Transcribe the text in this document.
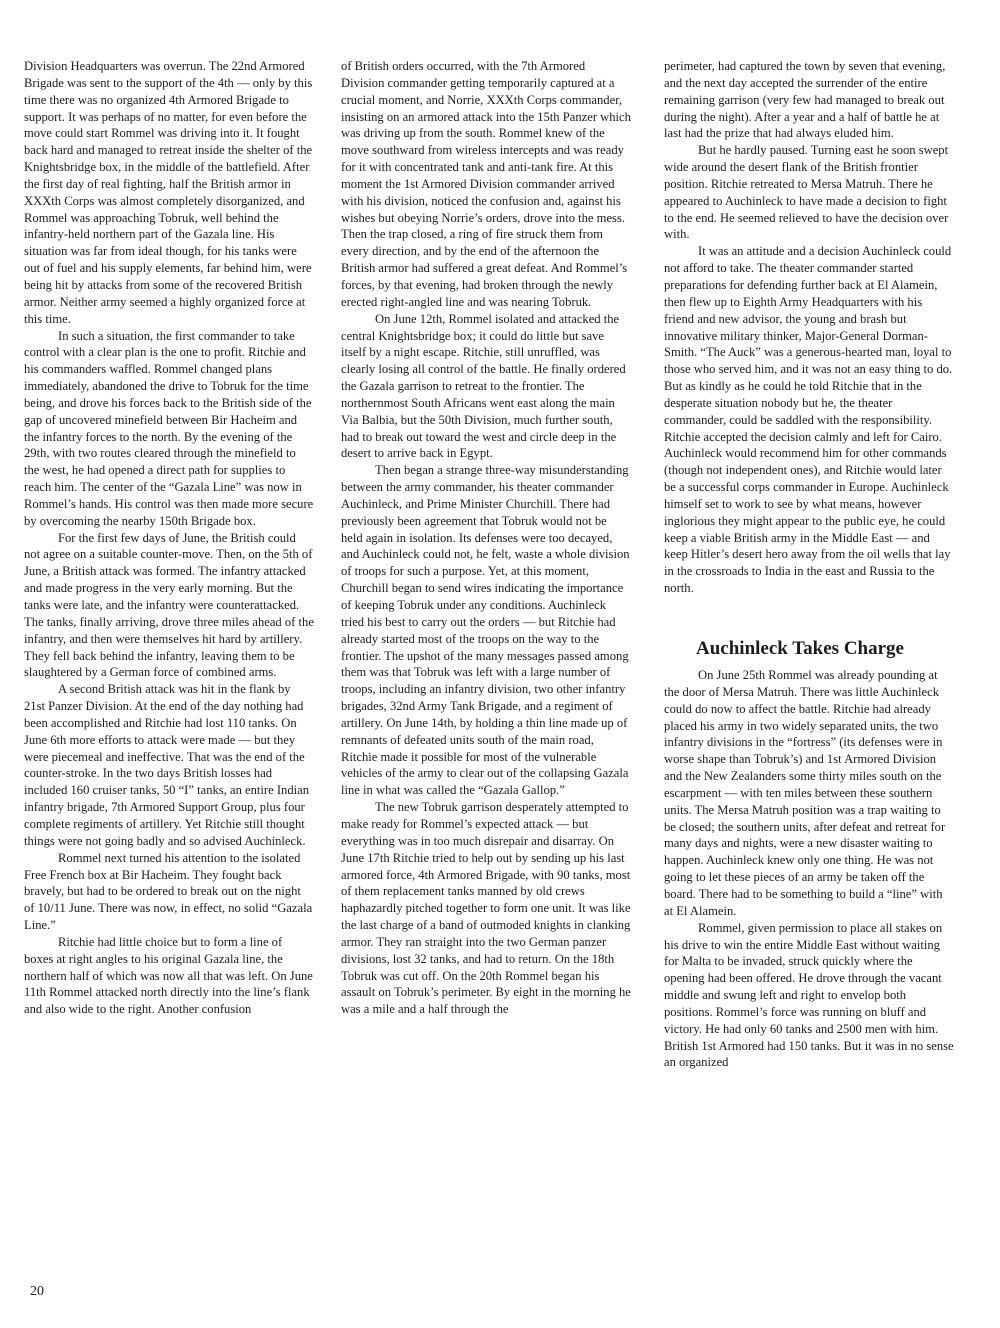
Division Headquarters was overrun. The 22nd Armored Brigade was sent to the support of the 4th — only by this time there was no organized 4th Armored Brigade to support. It was perhaps of no matter, for even before the move could start Rommel was driving into it. It fought back hard and managed to retreat inside the shelter of the Knightsbridge box, in the middle of the battlefield. After the first day of real fighting, half the British armor in XXXth Corps was almost completely disorganized, and Rommel was approaching Tobruk, well behind the infantry-held northern part of the Gazala line. His situation was far from ideal though, for his tanks were out of fuel and his supply elements, far behind him, were being hit by attacks from some of the recovered British armor. Neither army seemed a highly organized force at this time.

In such a situation, the first commander to take control with a clear plan is the one to profit. Ritchie and his commanders waffled. Rommel changed plans immediately, abandoned the drive to Tobruk for the time being, and drove his forces back to the British side of the gap of uncovered minefield between Bir Hacheim and the infantry forces to the north. By the evening of the 29th, with two routes cleared through the minefield to the west, he had opened a direct path for supplies to reach him. The center of the “Gazala Line” was now in Rommel’s hands. His control was then made more secure by overcoming the nearby 150th Brigade box.

For the first few days of June, the British could not agree on a suitable counter-move. Then, on the 5th of June, a British attack was formed. The infantry attacked and made progress in the very early morning. But the tanks were late, and the infantry were counterattacked. The tanks, finally arriving, drove three miles ahead of the infantry, and then were themselves hit hard by artillery. They fell back behind the infantry, leaving them to be slaughtered by a German force of combined arms.

A second British attack was hit in the flank by 21st Panzer Division. At the end of the day nothing had been accomplished and Ritchie had lost 110 tanks. On June 6th more efforts to attack were made — but they were piecemeal and ineffective. That was the end of the counter-stroke. In the two days British losses had included 160 cruiser tanks, 50 “I” tanks, an entire Indian infantry brigade, 7th Armored Support Group, plus four complete regiments of artillery. Yet Ritchie still thought things were not going badly and so advised Auchinleck.

Rommel next turned his attention to the isolated Free French box at Bir Hacheim. They fought back bravely, but had to be ordered to break out on the night of 10/11 June. There was now, in effect, no solid “Gazala Line.”

Ritchie had little choice but to form a line of boxes at right angles to his original Gazala line, the northern half of which was now all that was left. On June 11th Rommel attacked north directly into the line’s flank and also wide to the right. Another confusion

of British orders occurred, with the 7th Armored Division commander getting temporarily captured at a crucial moment, and Norrie, XXXth Corps commander, insisting on an armored attack into the 15th Panzer which was driving up from the south. Rommel knew of the move southward from wireless intercepts and was ready for it with concentrated tank and anti-tank fire. At this moment the 1st Armored Division commander arrived with his division, noticed the confusion and, against his wishes but obeying Norrie’s orders, drove into the mess. Then the trap closed, a ring of fire struck them from every direction, and by the end of the afternoon the British armor had suffered a great defeat. And Rommel’s forces, by that evening, had broken through the newly erected right-angled line and was nearing Tobruk.

On June 12th, Rommel isolated and attacked the central Knightsbridge box; it could do little but save itself by a night escape. Ritchie, still unruffled, was clearly losing all control of the battle. He finally ordered the Gazala garrison to retreat to the frontier. The northernmost South Africans went east along the main Via Balbia, but the 50th Division, much further south, had to break out toward the west and circle deep in the desert to arrive back in Egypt.

Then began a strange three-way misunderstanding between the army commander, his theater commander Auchinleck, and Prime Minister Churchill. There had previously been agreement that Tobruk would not be held again in isolation. Its defenses were too decayed, and Auchinleck could not, he felt, waste a whole division of troops for such a purpose. Yet, at this moment, Churchill began to send wires indicating the importance of keeping Tobruk under any conditions. Auchinleck tried his best to carry out the orders — but Ritchie had already started most of the troops on the way to the frontier. The upshot of the many messages passed among them was that Tobruk was left with a large number of troops, including an infantry division, two other infantry brigades, 32nd Army Tank Brigade, and a regiment of artillery. On June 14th, by holding a thin line made up of remnants of defeated units south of the main road, Ritchie made it possible for most of the vulnerable vehicles of the army to clear out of the collapsing Gazala line in what was called the “Gazala Gallop.”

The new Tobruk garrison desperately attempted to make ready for Rommel’s expected attack — but everything was in too much disrepair and disarray. On June 17th Ritchie tried to help out by sending up his last armored force, 4th Armored Brigade, with 90 tanks, most of them replacement tanks manned by old crews haphazardly pitched together to form one unit. It was like the last charge of a band of outmoded knights in clanking armor. They ran straight into the two German panzer divisions, lost 32 tanks, and had to return. On the 18th Tobruk was cut off. On the 20th Rommel began his assault on Tobruk’s perimeter. By eight in the morning he was a mile and a half through the

perimeter, had captured the town by seven that evening, and the next day accepted the surrender of the entire remaining garrison (very few had managed to break out during the night). After a year and a half of battle he at last had the prize that had always eluded him.

But he hardly paused. Turning east he soon swept wide around the desert flank of the British frontier position. Ritchie retreated to Mersa Matruh. There he appeared to Auchinleck to have made a decision to fight to the end. He seemed relieved to have the decision over with.

It was an attitude and a decision Auchinleck could not afford to take. The theater commander started preparations for defending further back at El Alamein, then flew up to Eighth Army Headquarters with his friend and new advisor, the young and brash but innovative military thinker, Major-General Dorman-Smith. “The Auck” was a generous-hearted man, loyal to those who served him, and it was not an easy thing to do. But as kindly as he could he told Ritchie that in the desperate situation nobody but he, the theater commander, could be saddled with the responsibility. Ritchie accepted the decision calmly and left for Cairo. Auchinleck would recommend him for other commands (though not independent ones), and Ritchie would later be a successful corps commander in Europe. Auchinleck himself set to work to see by what means, however inglorious they might appear to the public eye, he could keep a viable British army in the Middle East — and keep Hitler’s desert hero away from the oil wells that lay in the crossroads to India in the east and Russia to the north.

Auchinleck Takes Charge

On June 25th Rommel was already pounding at the door of Mersa Matruh. There was little Auchinleck could do now to affect the battle. Ritchie had already placed his army in two widely separated units, the two infantry divisions in the “fortress” (its defenses were in worse shape than Tobruk’s) and 1st Armored Division and the New Zealanders some thirty miles south on the escarpment — with ten miles between these southern units. The Mersa Matruh position was a trap waiting to be closed; the southern units, after defeat and retreat for many days and nights, were a new disaster waiting to happen. Auchinleck knew only one thing. He was not going to let these pieces of an army be taken off the board. There had to be something to build a “line” with at El Alamein.

Rommel, given permission to place all stakes on his drive to win the entire Middle East without waiting for Malta to be invaded, struck quickly where the opening had been offered. He drove through the vacant middle and swung left and right to envelop both positions. Rommel’s force was running on bluff and victory. He had only 60 tanks and 2500 men with him. British 1st Armored had 150 tanks. But it was in no sense an organized

20
